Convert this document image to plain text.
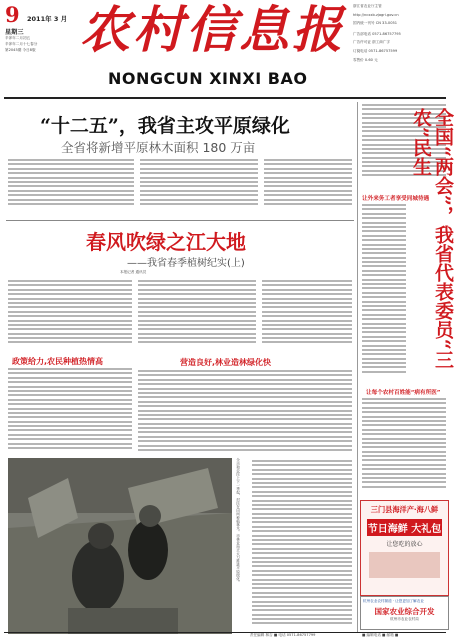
9 2011年 3 月
星期三
辛卯年二月初五
辛卯年二月十七春分
第2045期 今日8版 农村信息报
NONGCUN XINXI BAO
浙江省农业厅主管
http://ncxxb.zjagri.gov.cn
国内统一刊号 CN 33-0051
广告部电话 0571-86757795
广告许可证 浙工商广字
订阅电话 0571-86757599
零售价 0.60 元
“十二五”，我省主攻平原绿化
全省将新增平原林木面积 180 万亩
春风吹绿之江大地
——我省春季植树纪实(上)
本报记者 通讯员
政策给力,农民种植热情高	营造良好,林业造林绿化快
全市和农民上下一季起，村民在田间种植林木。市林业局正大力推进平原绿化。
让外来务工者享受同城待遇 全国“两会”，我省代表委员“三农”民生
让每个农村百姓能“病有所医”
三门县海洋产·海八鲜
节日海鲜 大礼包
让您吃的放心
杭州农业农村频道 · 让您更加了解农业
国家农业综合开发
杭州市农业农村局
责任编辑 林吉 ■ 电话 0571-86757799	■ 编辑电话 ■ 邮箱 ■
